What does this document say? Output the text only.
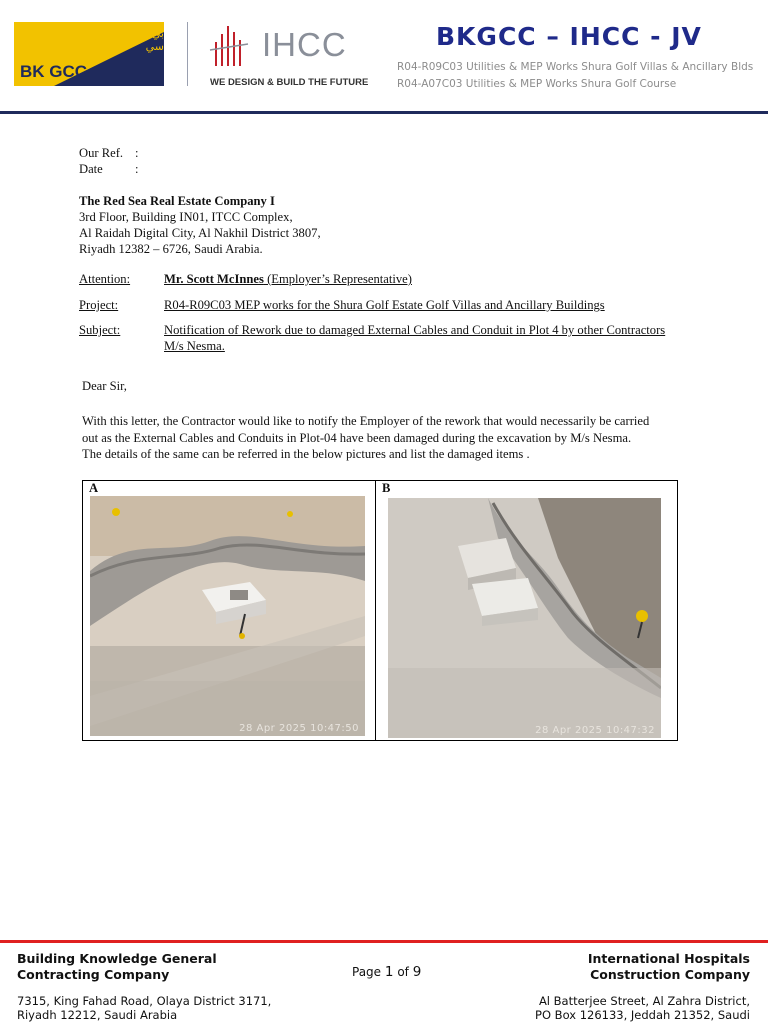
بي كي جي سي سي
BK GCC
IHCC
WE DESIGN & BUILD THE FUTURE
BKGCC – IHCC - JV
R04-R09C03 Utilities & MEP Works Shura Golf Villas & Ancillary Blds
R04-A07C03 Utilities & MEP Works Shura Golf Course
Our Ref. :
Date	:
The Red Sea Real Estate Company I
3rd Floor, Building IN01, ITCC Complex,
Al Raidah Digital City, Al Nakhil District 3807,
Riyadh 12382 – 6726, Saudi Arabia.
Attention:	Mr. Scott McInnes (Employer’s Representative)
Project:	R04-R09C03 MEP works for the Shura Golf Estate Golf Villas and Ancillary Buildings
Subject:	Notification of Rework due to damaged External Cables and Conduit in Plot 4 by other Contractors
M/s Nesma.
Dear Sir,
With this letter, the Contractor would like to notify the Employer of the rework that would necessarily be carried
out as the External Cables and Conduits in Plot-04 have been damaged during the excavation by M/s Nesma.
The details of the same can be referred in the below pictures and list the damaged items .
A	B
28 Apr 2025 10:47:50	28 Apr 2025 10:47:32
Building Knowledge General
Contracting Company
7315, King Fahad Road, Olaya District 3171,
Riyadh 12212, Saudi Arabia
Page 1 of 9
International Hospitals
Construction Company
Al Batterjee Street, Al Zahra District,
PO Box 126133, Jeddah 21352, Saudi
